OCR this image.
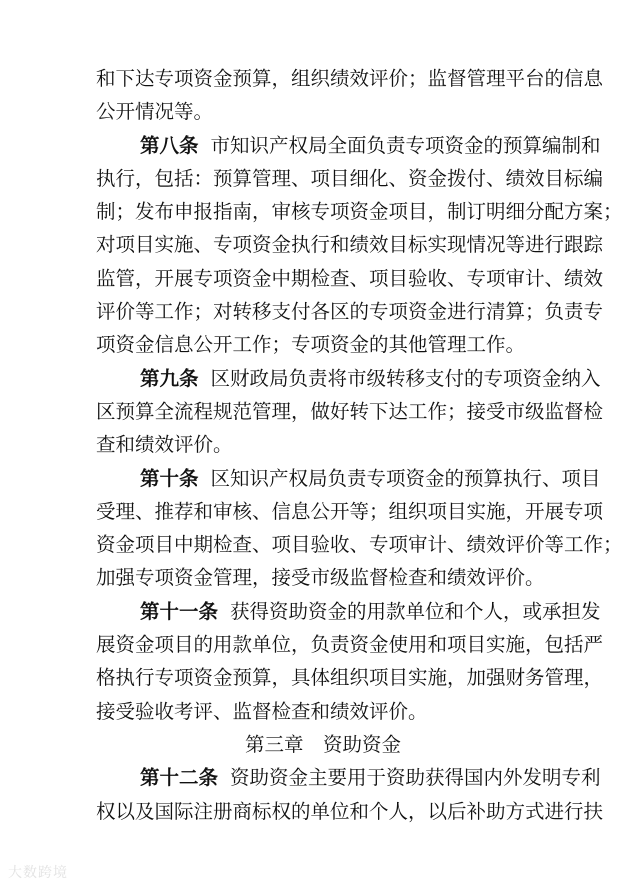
和下达专项资金预算，组织绩效评价；监督管理平台的信息
公开情况等。
第八条 市知识产权局全面负责专项资金的预算编制和
执行，包括：预算管理、项目细化、资金拨付、绩效目标编
制；发布申报指南，审核专项资金项目，制订明细分配方案；
对项目实施、专项资金执行和绩效目标实现情况等进行跟踪
监管，开展专项资金中期检查、项目验收、专项审计、绩效
评价等工作；对转移支付各区的专项资金进行清算；负责专
项资金信息公开工作；专项资金的其他管理工作。
第九条 区财政局负责将市级转移支付的专项资金纳入
区预算全流程规范管理，做好转下达工作；接受市级监督检
查和绩效评价。
第十条 区知识产权局负责专项资金的预算执行、项目
受理、推荐和审核、信息公开等；组织项目实施，开展专项
资金项目中期检查、项目验收、专项审计、绩效评价等工作；
加强专项资金管理，接受市级监督检查和绩效评价。
第十一条 获得资助资金的用款单位和个人，或承担发
展资金项目的用款单位，负责资金使用和项目实施，包括严
格执行专项资金预算，具体组织项目实施，加强财务管理，
接受验收考评、监督检查和绩效评价。
第三章　资助资金
第十二条 资助资金主要用于资助获得国内外发明专利
权以及国际注册商标权的单位和个人，以后补助方式进行扶
大数跨境
